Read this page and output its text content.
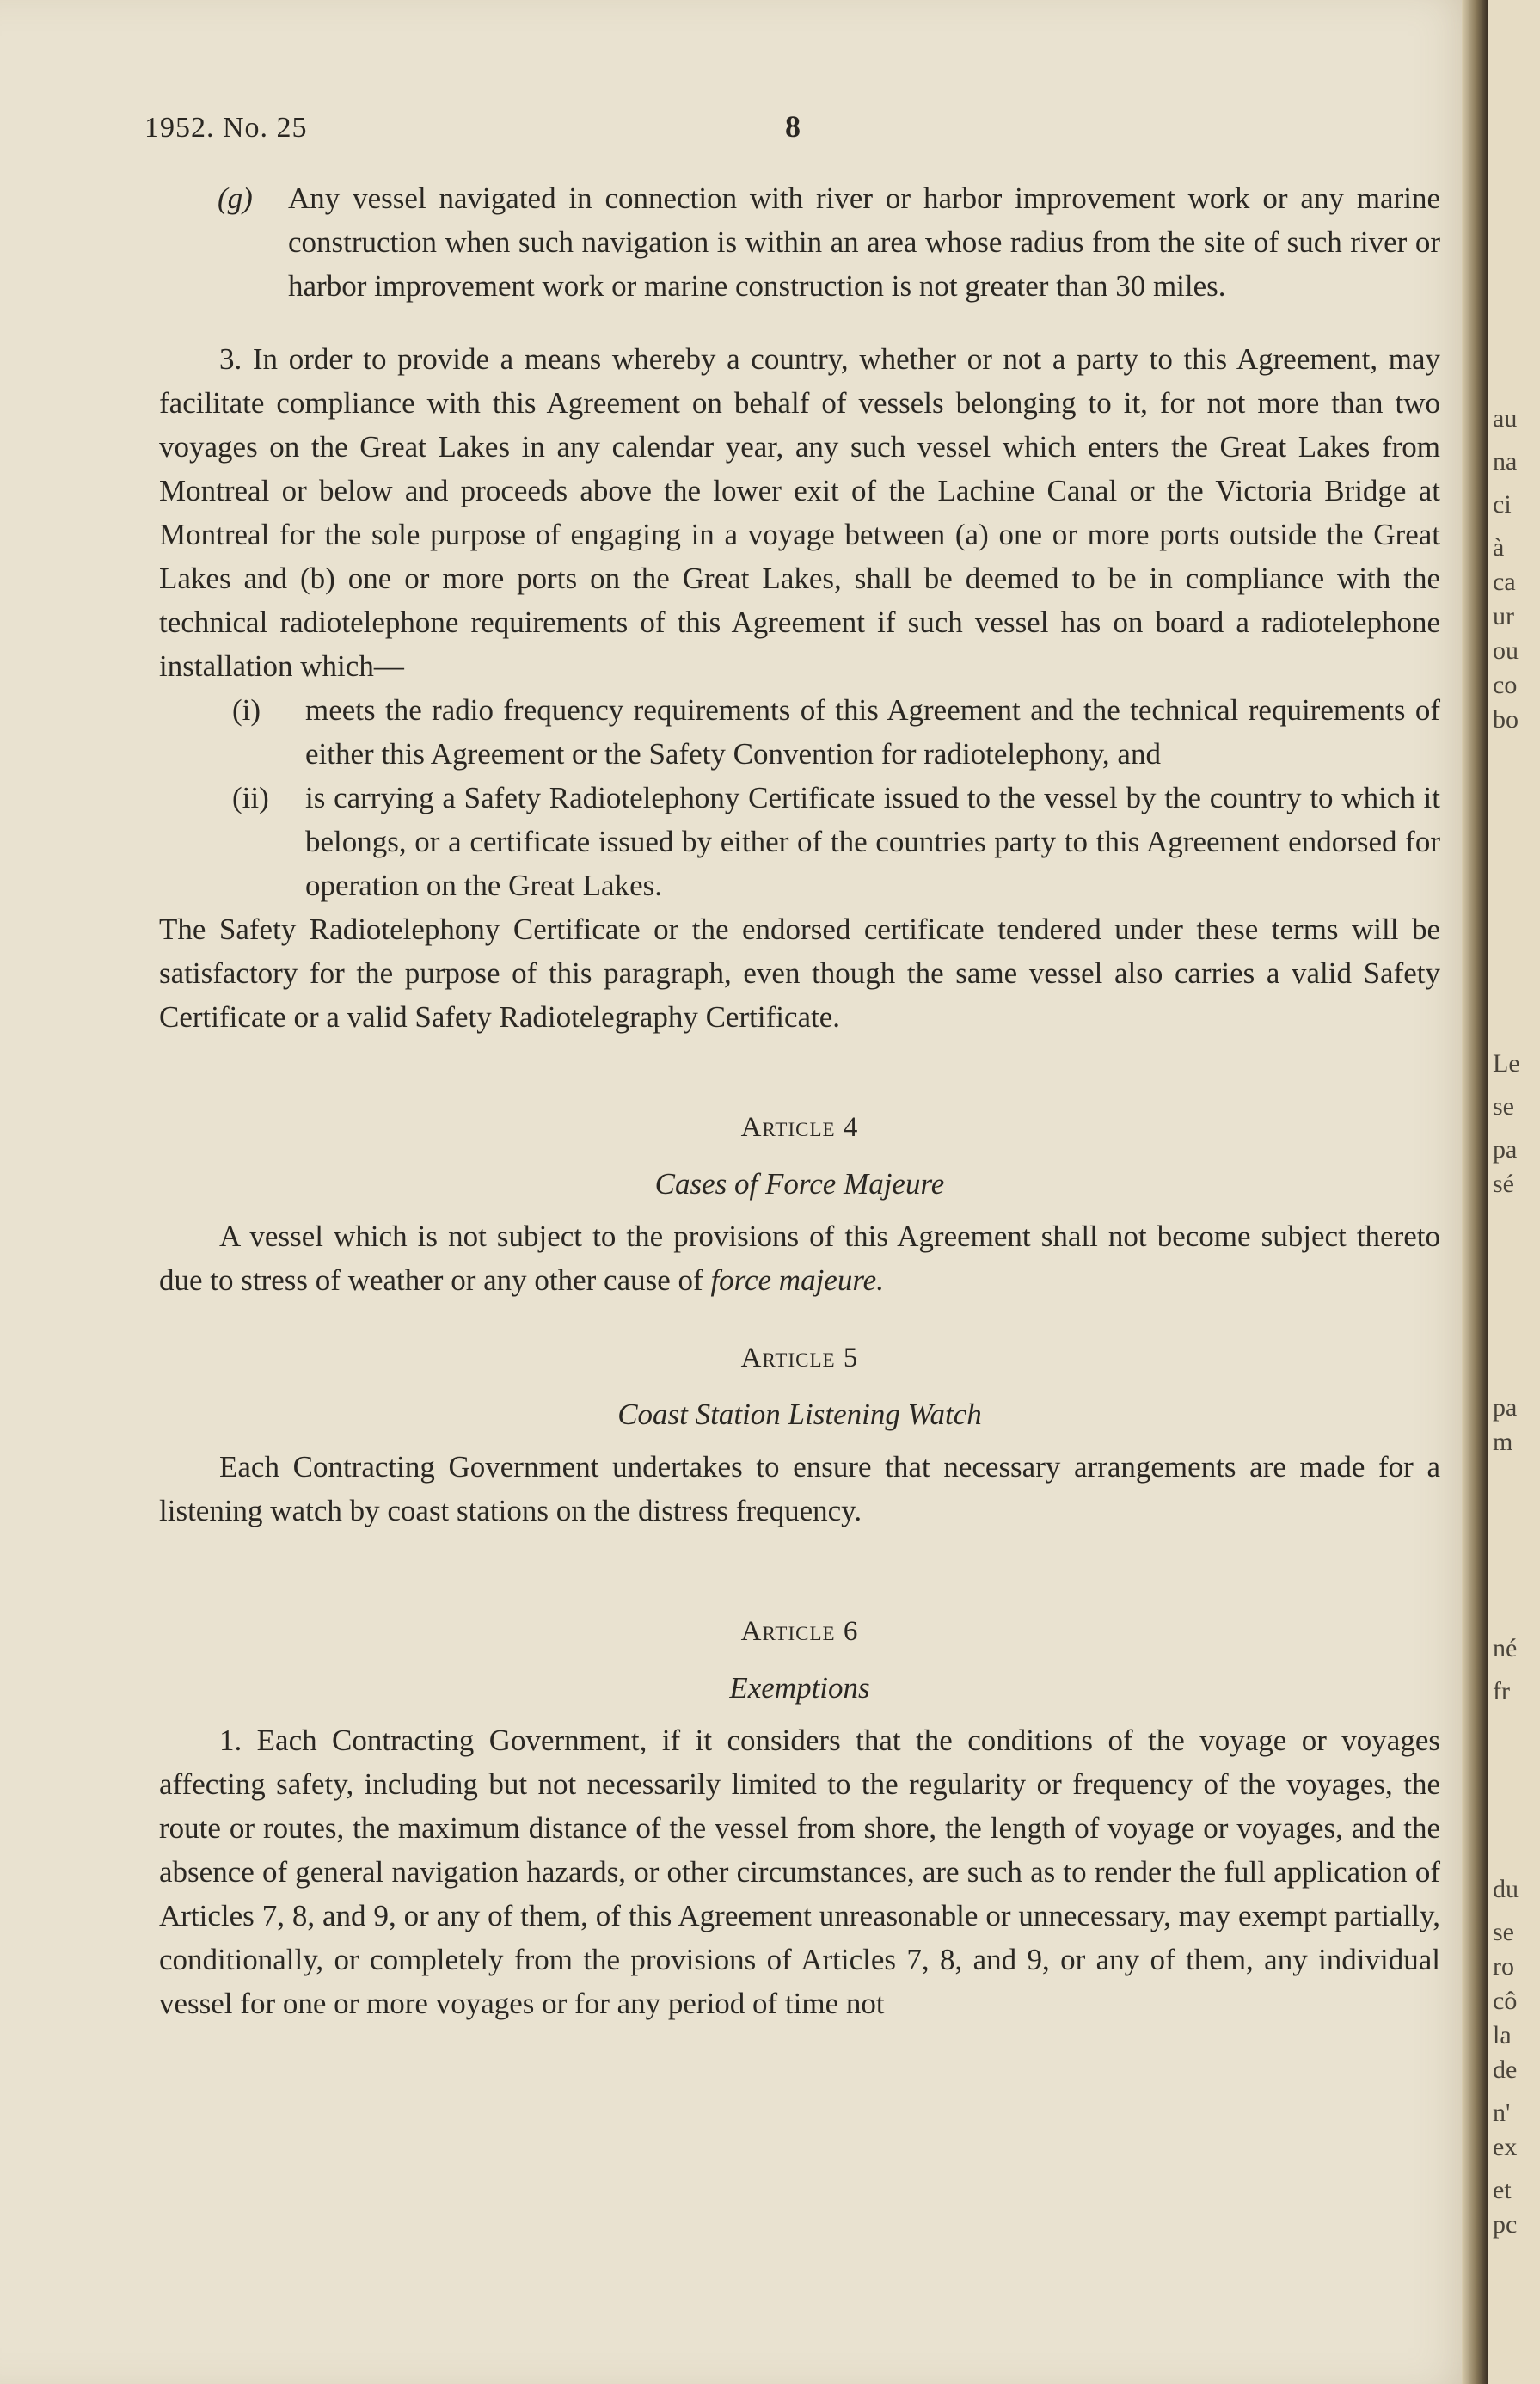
1952. No. 25	8

(g) Any vessel navigated in connection with river or harbor improvement work or any marine construction when such navigation is within an area whose radius from the site of such river or harbor improvement work or marine construction is not greater than 30 miles.

3. In order to provide a means whereby a country, whether or not a party to this Agreement, may facilitate compliance with this Agreement on behalf of vessels belonging to it, for not more than two voyages on the Great Lakes in any calendar year, any such vessel which enters the Great Lakes from Montreal or below and proceeds above the lower exit of the Lachine Canal or the Victoria Bridge at Montreal for the sole purpose of engaging in a voyage between (a) one or more ports outside the Great Lakes and (b) one or more ports on the Great Lakes, shall be deemed to be in compliance with the technical radiotelephone requirements of this Agreement if such vessel has on board a radiotelephone installation which—

(i) meets the radio frequency requirements of this Agreement and the technical requirements of either this Agreement or the Safety Convention for radiotelephony, and

(ii) is carrying a Safety Radiotelephony Certificate issued to the vessel by the country to which it belongs, or a certificate issued by either of the countries party to this Agreement endorsed for operation on the Great Lakes.

The Safety Radiotelephony Certificate or the endorsed certificate tendered under these terms will be satisfactory for the purpose of this paragraph, even though the same vessel also carries a valid Safety Certificate or a valid Safety Radiotelegraphy Certificate.

Article 4

Cases of Force Majeure

A vessel which is not subject to the provisions of this Agreement shall not become subject thereto due to stress of weather or any other cause of force majeure.

Article 5

Coast Station Listening Watch

Each Contracting Government undertakes to ensure that necessary arrangements are made for a listening watch by coast stations on the distress frequency.

Article 6

Exemptions

1. Each Contracting Government, if it considers that the conditions of the voyage or voyages affecting safety, including but not necessarily limited to the regularity or frequency of the voyages, the route or routes, the maximum distance of the vessel from shore, the length of voyage or voyages, and the absence of general navigation hazards, or other circumstances, are such as to render the full application of Articles 7, 8, and 9, or any of them, of this Agreement unreasonable or unnecessary, may exempt partially, conditionally, or completely from the provisions of Articles 7, 8, and 9, or any of them, any individual vessel for one or more voyages or for any period of time not

au
na
ci
à
ca
ur
ou
co
bo
Le
se
pa
sé
pa
m
né
fr
du
se
ro
cô
la
de
n'
ex
et
pc
